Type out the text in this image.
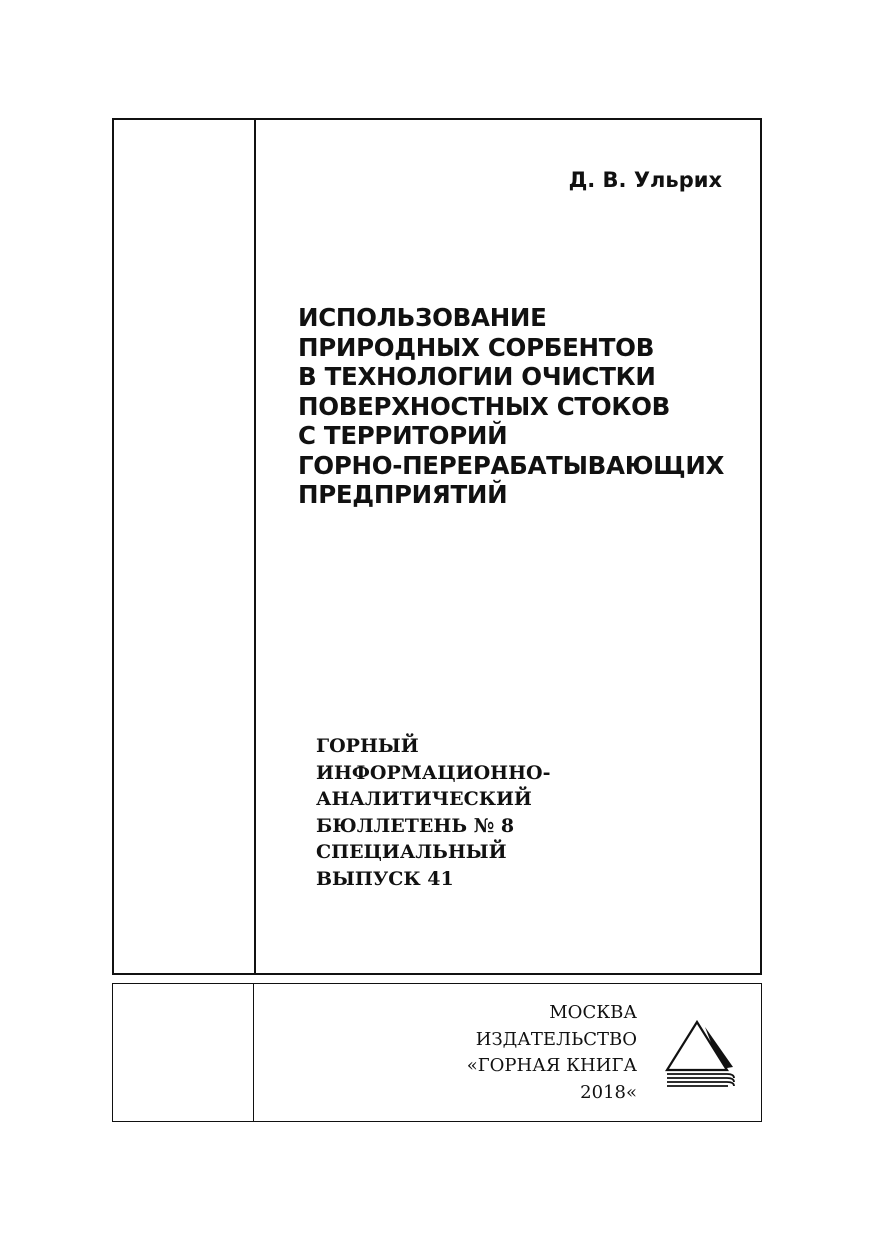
Д. В. Ульрих
ИСПОЛЬЗОВАНИЕ
ПРИРОДНЫХ СОРБЕНТОВ
В ТЕХНОЛОГИИ ОЧИСТКИ
ПОВЕРХНОСТНЫХ СТОКОВ
С ТЕРРИТОРИЙ
ГОРНО-ПЕРЕРАБАТЫВАЮЩИХ
ПРЕДПРИЯТИЙ
ГОРНЫЙ
ИНФОРМАЦИОННО-
АНАЛИТИЧЕСКИЙ
БЮЛЛЕТЕНЬ № 8
СПЕЦИАЛЬНЫЙ
ВЫПУСК 41
МОСКВА
ИЗДАТЕЛЬСТВО
«ГОРНАЯ КНИГА
2018«
